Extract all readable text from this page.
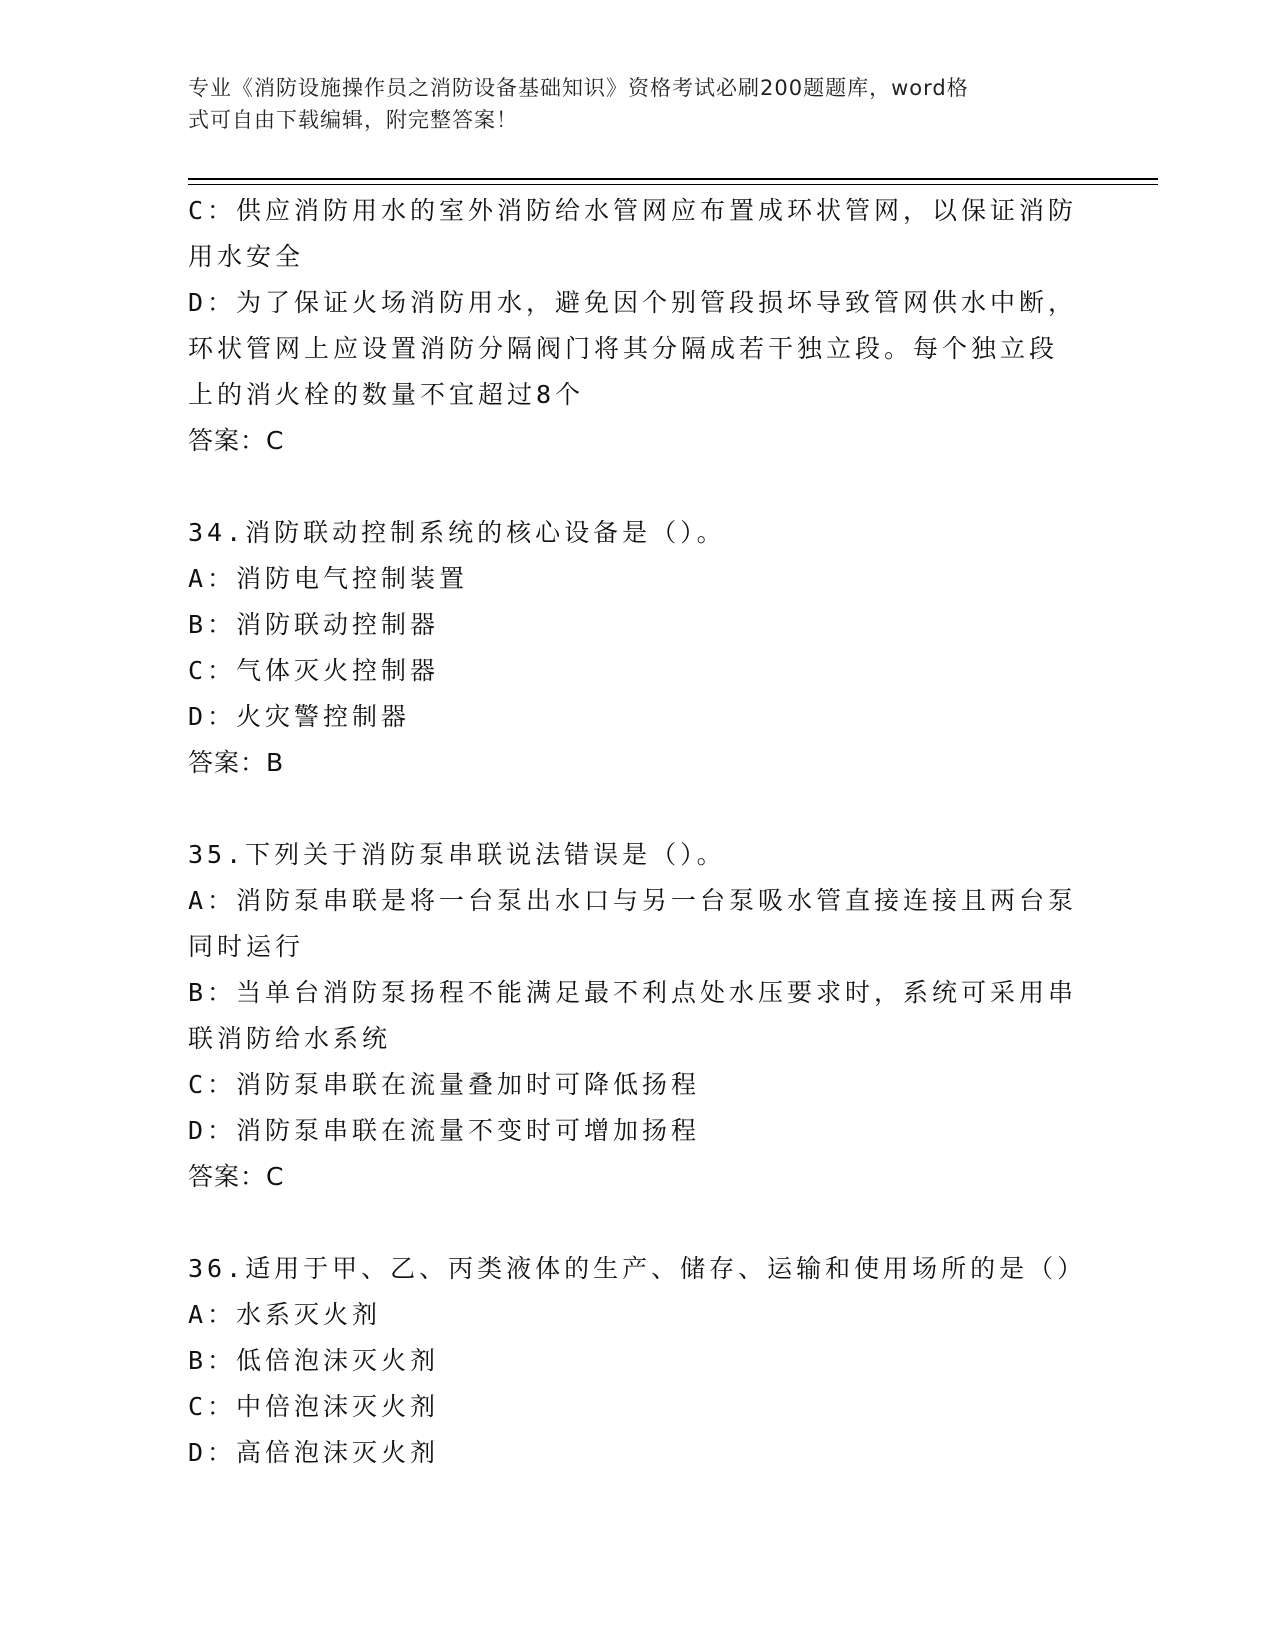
专业《消防设施操作员之消防设备基础知识》资格考试必刷200题题库，word格
式可自由下载编辑，附完整答案！
C：供应消防用水的室外消防给水管网应布置成环状管网，以保证消防
用水安全
D：为了保证火场消防用水，避免因个别管段损坏导致管网供水中断，
环状管网上应设置消防分隔阀门将其分隔成若干独立段。每个独立段
上的消火栓的数量不宜超过8个
答案：C
34.消防联动控制系统的核心设备是（）。
A：消防电气控制装置
B：消防联动控制器
C：气体灭火控制器
D：火灾警控制器
答案：B
35.下列关于消防泵串联说法错误是（）。
A：消防泵串联是将一台泵出水口与另一台泵吸水管直接连接且两台泵
同时运行
B：当单台消防泵扬程不能满足最不利点处水压要求时，系统可采用串
联消防给水系统
C：消防泵串联在流量叠加时可降低扬程
D：消防泵串联在流量不变时可增加扬程
答案：C
36.适用于甲、乙、丙类液体的生产、储存、运输和使用场所的是（）
A：水系灭火剂
B：低倍泡沫灭火剂
C：中倍泡沫灭火剂
D：高倍泡沫灭火剂
